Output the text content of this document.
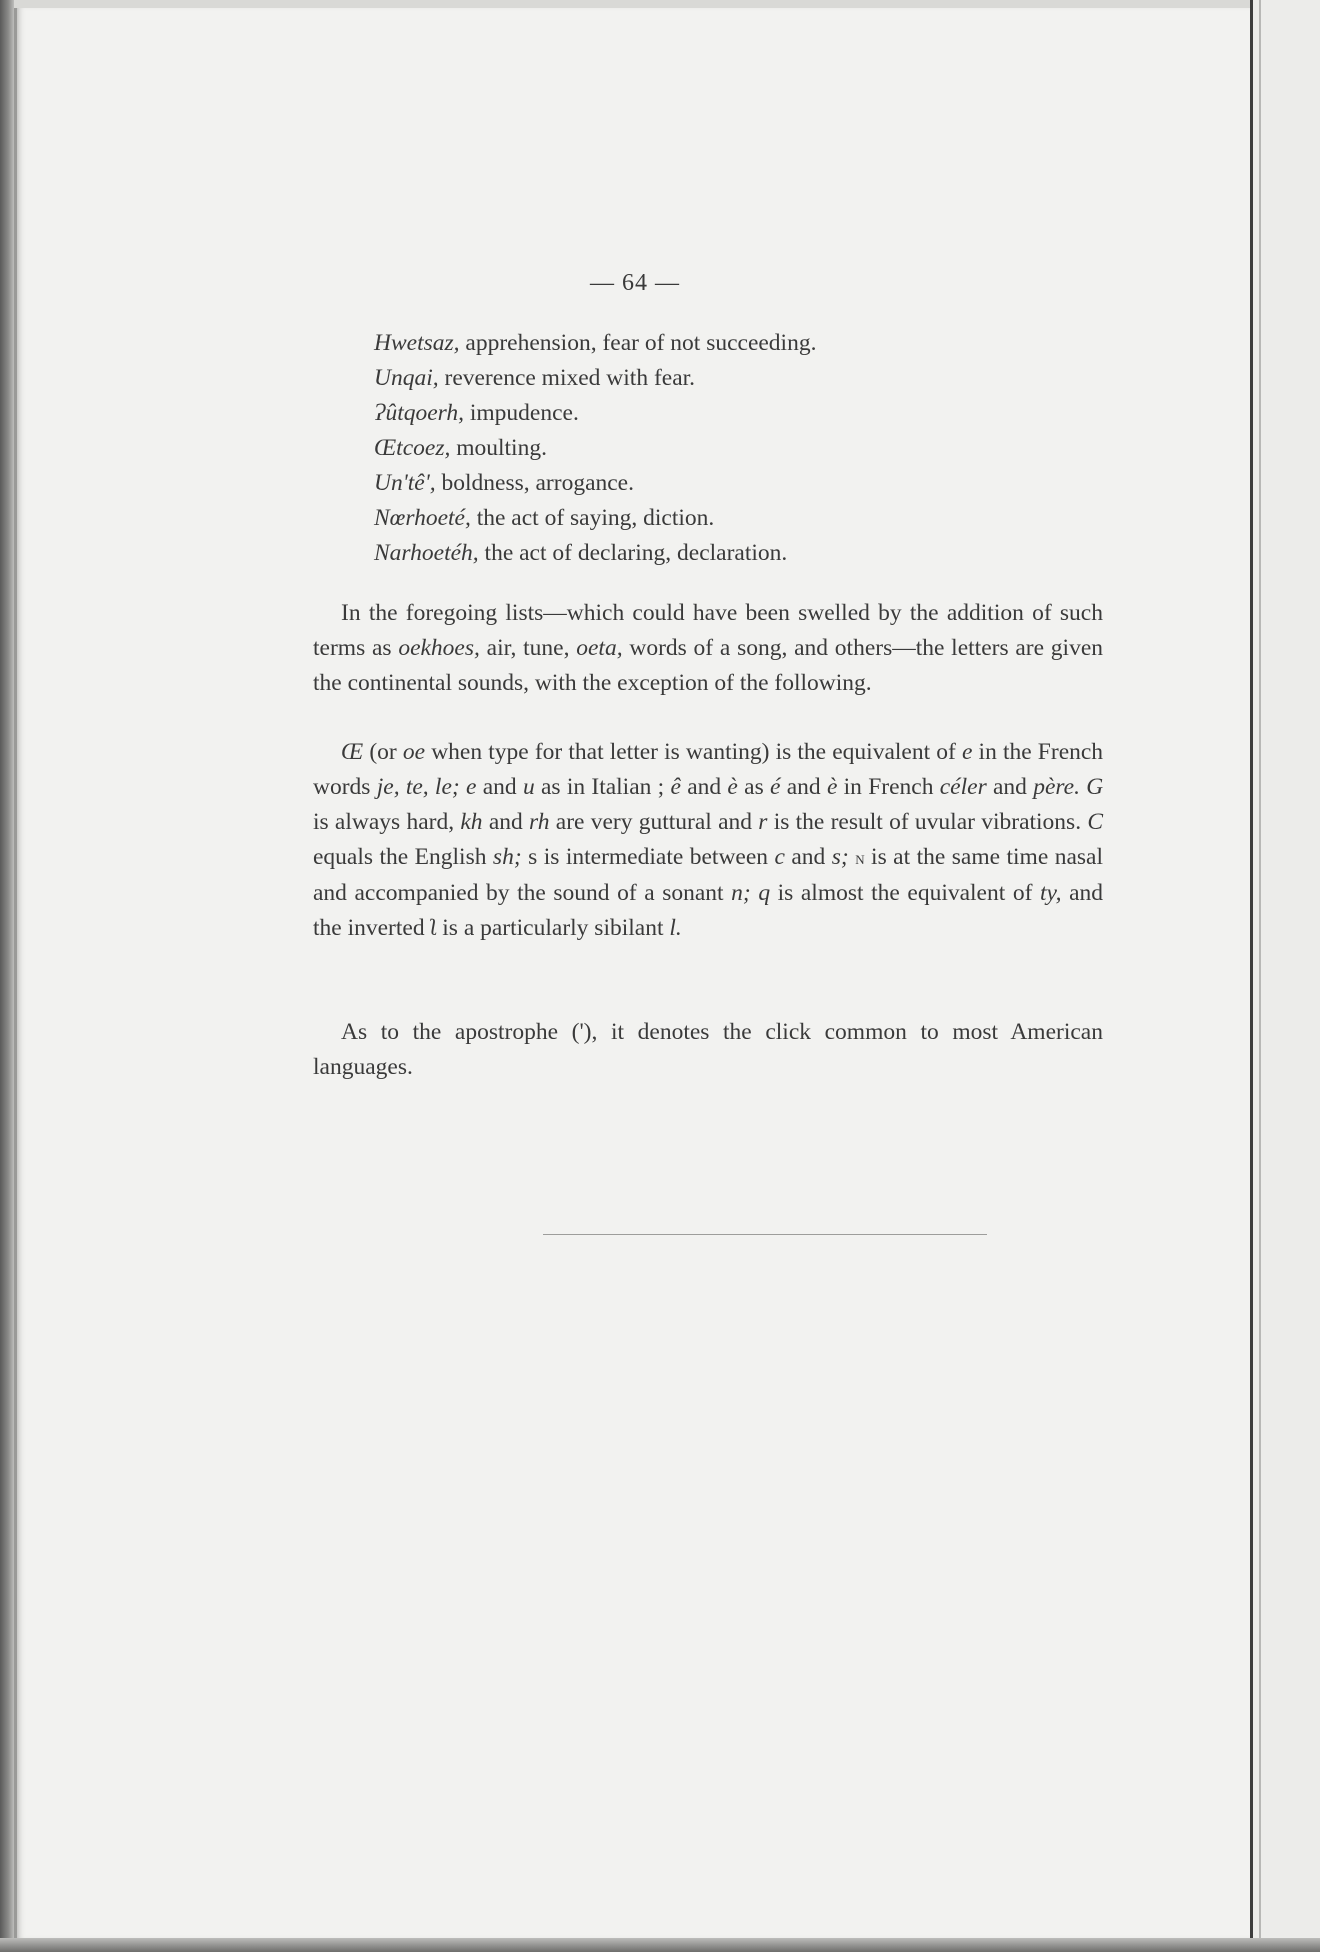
— 64 —
Hwetsaz, apprehension, fear of not succeeding.
Unqai, reverence mixed with fear.
Ɂûtqoerh, impudence.
Œtcoez, moulting.
Un'tê', boldness, arrogance.
Nœrhoeté, the act of saying, diction.
Narhoetéh, the act of declaring, declaration.

In the foregoing lists—which could have been swelled by the addition of such terms as oekhoes, air, tune, oeta, words of a song, and others—the letters are given the continental sounds, with the exception of the following.

Œ (or oe when type for that letter is wanting) is the equivalent of e in the French words je, te, le; e and u as in Italian ; ê and è as é and è in French céler and père. G is always hard, kh and rh are very guttural and r is the result of uvular vibrations. C equals the English sh; s is intermediate between c and s; n is at the same time nasal and accompanied by the sound of a sonant n; q is almost the equivalent of ty, and the inverted ʅ is a particularly sibilant l.

As to the apostrophe ('), it denotes the click common to most American languages.
